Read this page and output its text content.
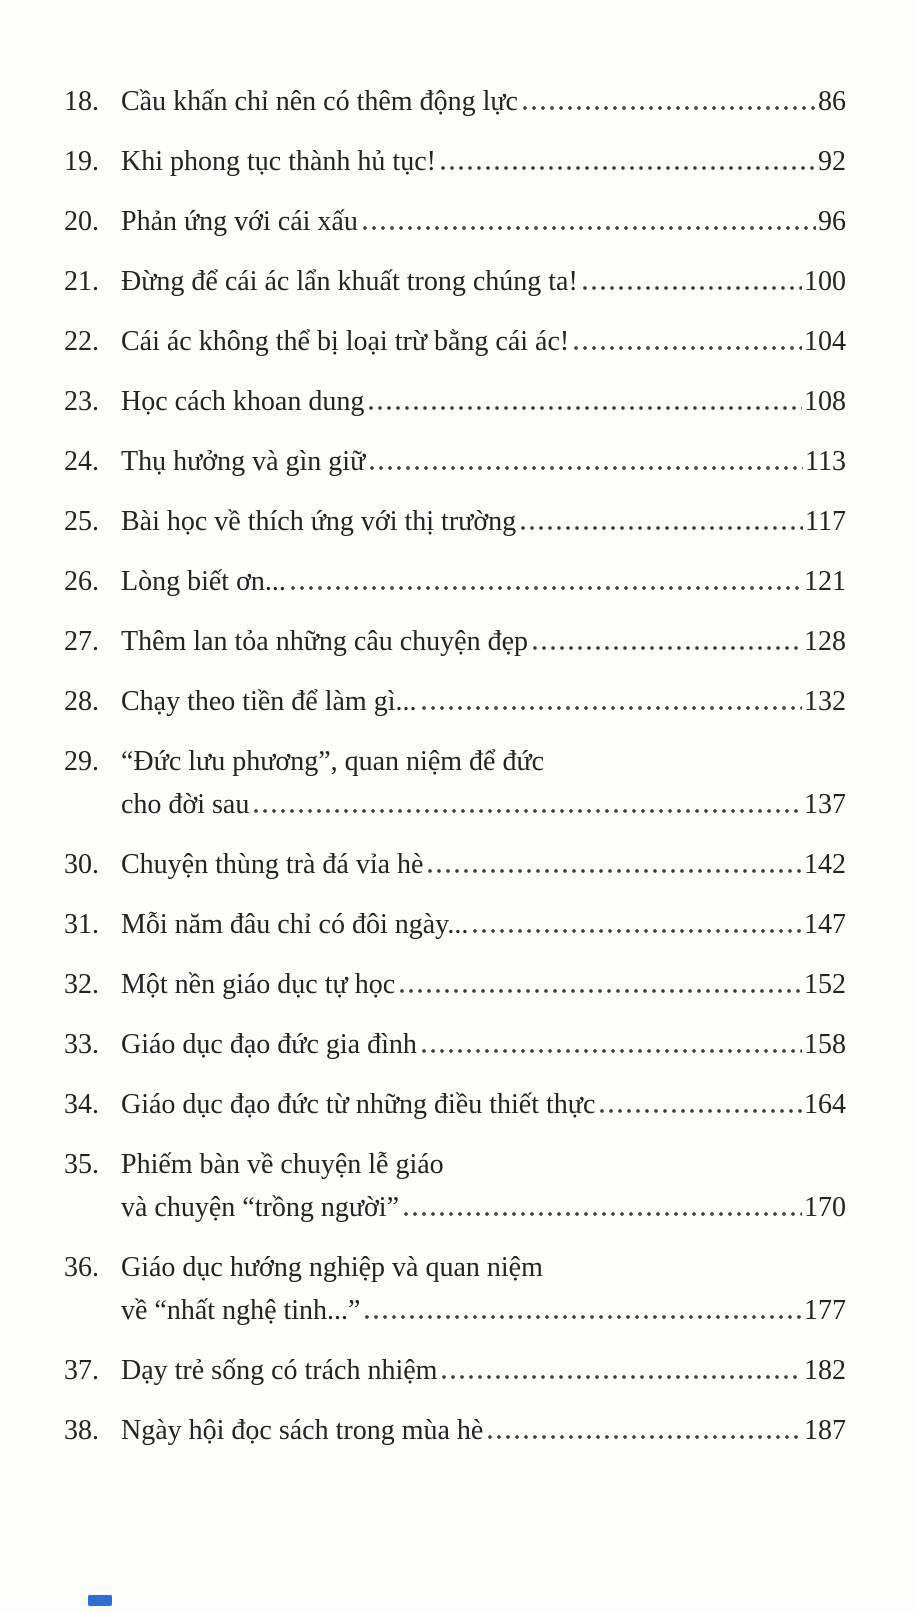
18. Cầu khấn chỉ nên có thêm động lực	86
19. Khi phong tục thành hủ tục!	92
20. Phản ứng với cái xấu	96
21. Đừng để cái ác lẩn khuất trong chúng ta!	100
22. Cái ác không thể bị loại trừ bằng cái ác!	104
23. Học cách khoan dung	108
24. Thụ hưởng và gìn giữ	113
25. Bài học về thích ứng với thị trường	117
26. Lòng biết ơn...	121
27. Thêm lan tỏa những câu chuyện đẹp	128
28. Chạy theo tiền để làm gì...	132
29. “Đức lưu phương”, quan niệm để đức
cho đời sau	137
30. Chuyện thùng trà đá vỉa hè	142
31. Mỗi năm đâu chỉ có đôi ngày...	147
32. Một nền giáo dục tự học	152
33. Giáo dục đạo đức gia đình	158
34. Giáo dục đạo đức từ những điều thiết thực	164
35. Phiếm bàn về chuyện lễ giáo
và chuyện “trồng người”	170
36. Giáo dục hướng nghiệp và quan niệm
về “nhất nghệ tinh...”	177
37. Dạy trẻ sống có trách nhiệm	182
38. Ngày hội đọc sách trong mùa hè	187
